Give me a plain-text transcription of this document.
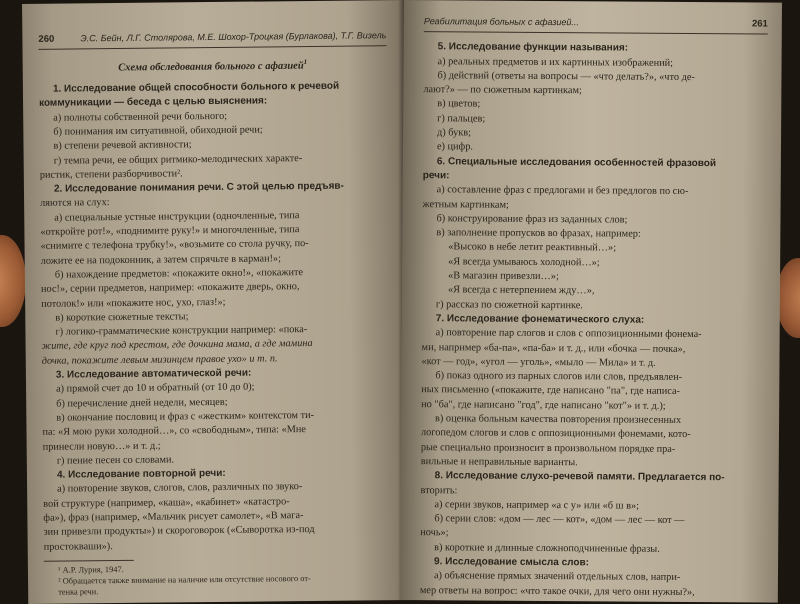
260	Э.С. Бейн, Л.Г. Столярова, М.Е. Шохор-Троцкая (Бурлакова), Т.Г. Визель
Схема обследования больного с афазией$^1$
1. Исследование общей способности больного к речевой
коммуникации — беседа с целью выяснения:
а) полноты собственной речи больного;
б) понимания им ситуативной, обиходной речи;
в) степени речевой активности;
г) темпа речи, ее общих ритмико-мелодических характе-
ристик, степени разборчивости².
2. Исследование понимания речи. С этой целью предъяв-
ляются на слух:
а) специальные устные инструкции (одночленные, типа
«откройте рот!», «поднимите руку!» и многочленные, типа
«снимите с телефона трубку!», «возьмите со стола ручку, по-
ложите ее на подоконник, а затем спрячьте в карман!»;
б) нахождение предметов: «покажите окно!», «покажите
нос!», серии предметов, например: «покажите дверь, окно,
потолок!» или «покажите нос, ухо, глаз!»;
в) короткие сюжетные тексты;
г) логико-грамматические конструкции например: «пока-
жите, где круг под крестом, где дочкина мама, а где мамина
дочка, покажите левым мизинцем правое ухо» и т. п.
3. Исследование автоматической речи:
а) прямой счет до 10 и обратный (от 10 до 0);
б) перечисление дней недели, месяцев;
в) окончание пословиц и фраз с «жестким» контекстом ти-
па: «Я мою руки холодной…», со «свободным», типа: «Мне
принесли новую…» и т. д.;
г) пение песен со словами.
4. Исследование повторной речи:
а) повторение звуков, слогов, слов, различных по звуко-
вой структуре (например, «каша», «кабинет» «катастро-
фа»), фраз (например, «Мальчик рисует самолет», «В мага-
зин привезли продукты») и скороговорок («Сыворотка из-под
простокваши»).
¹ А.Р. Лурия, 1947.
² Обращается также внимание на наличие или отсутствие носового от-
тенка речи.
Реабилитация больных с афазией...	261
5. Исследование функции называния:
а) реальных предметов и их картинных изображений;
б) действий (ответы на вопросы — «что делать?», «что де-
лают?» — по сюжетным картинкам;
в) цветов;
г) пальцев;
д) букв;
е) цифр.
6. Специальные исследования особенностей фразовой
речи:
а) составление фраз с предлогами и без предлогов по сю-
жетным картинкам;
б) конструирование фраз из заданных слов;
в) заполнение пропусков во фразах, например:
«Высоко в небе летит реактивный…»;
«Я всегда умываюсь холодной…»;
«В магазин привезли…»;
«Я всегда с нетерпением жду…»,
г) рассказ по сюжетной картинке.
7. Исследование фонематического слуха:
а) повторение пар слогов и слов с оппозиционными фонема-
ми, например «ба-па», «па-ба» и т. д., или «бочка — почка»,
«кот — год», «угол — уголь», «мыло — Мила» и т. д.
б) показ одного из парных слогов или слов, предъявлен-
ных письменно («покажите, где написано "па", где написа-
но "ба", где написано "год", где написано "кот"» и т. д.);
в) оценка больным качества повторения произнесенных
логопедом слогов и слов с оппозиционными фонемами, кото-
рые специально произносит в произвольном порядке пра-
вильные и неправильные варианты.
8. Исследование слухо-речевой памяти. Предлагается по-
вторить:
а) серии звуков, например «а с у» или «б ш в»;
б) серии слов: «дом — лес — кот», «дом — лес — кот —
ночь»;
в) короткие и длинные сложноподчиненные фразы.
9. Исследование смысла слов:
а) объяснение прямых значений отдельных слов, напри-
мер ответы на вопрос: «что такое очки, для чего они нужны?»,
